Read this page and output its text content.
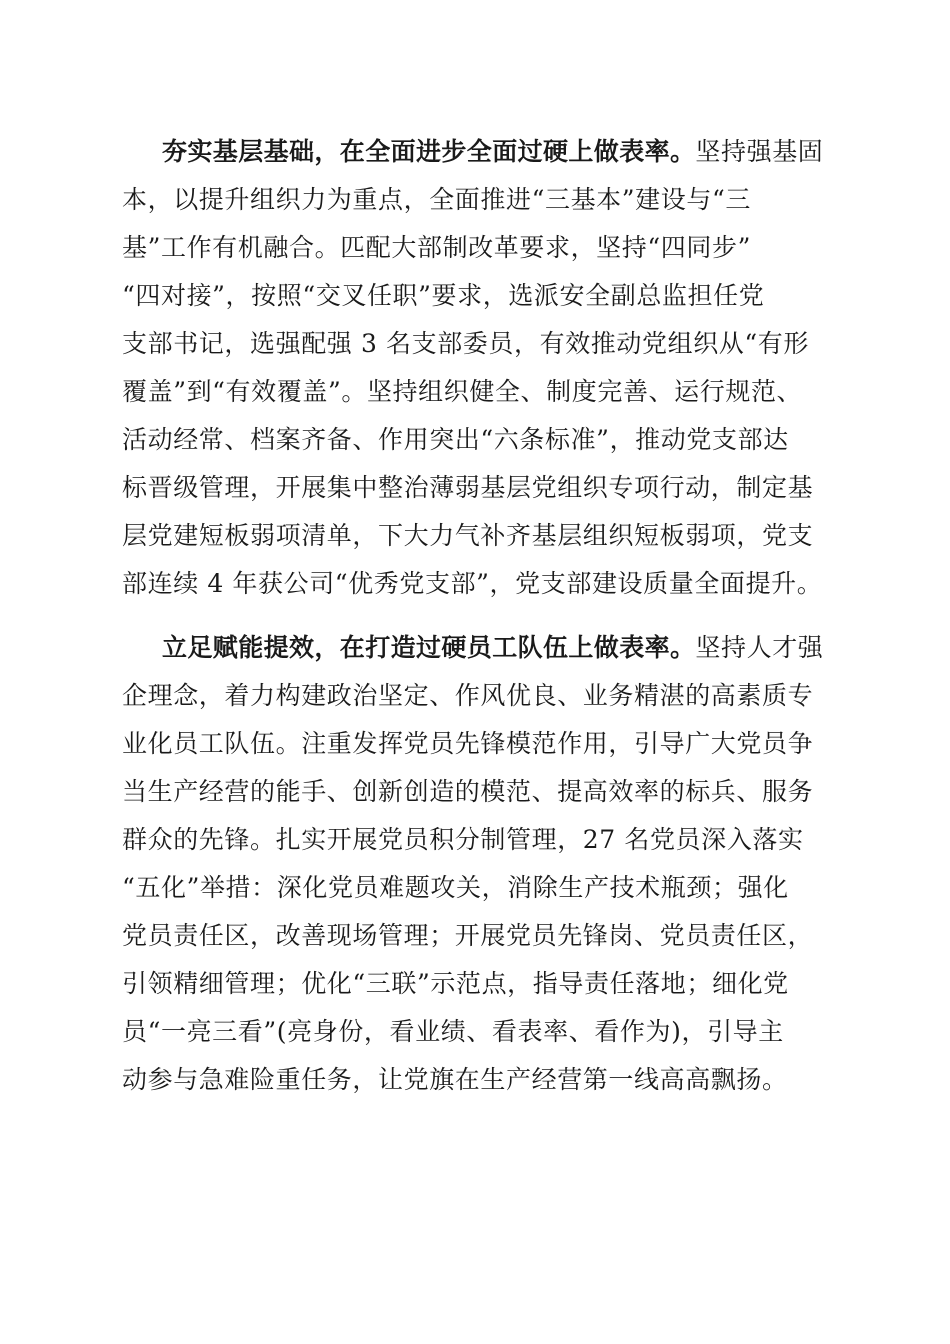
夯实基层基础，在全面进步全面过硬上做表率。坚持强基固
本，以提升组织力为重点，全面推进“三基本”建设与“三
基”工作有机融合。匹配大部制改革要求，坚持“四同步”
“四对接”，按照“交叉任职”要求，选派安全副总监担任党
支部书记，选强配强 3 名支部委员，有效推动党组织从“有形
覆盖”到“有效覆盖”。坚持组织健全、制度完善、运行规范、
活动经常、档案齐备、作用突出“六条标准”，推动党支部达
标晋级管理，开展集中整治薄弱基层党组织专项行动，制定基
层党建短板弱项清单，下大力气补齐基层组织短板弱项，党支
部连续 4 年获公司“优秀党支部”，党支部建设质量全面提升。
立足赋能提效，在打造过硬员工队伍上做表率。坚持人才强
企理念，着力构建政治坚定、作风优良、业务精湛的高素质专
业化员工队伍。注重发挥党员先锋模范作用，引导广大党员争
当生产经营的能手、创新创造的模范、提高效率的标兵、服务
群众的先锋。扎实开展党员积分制管理，27 名党员深入落实
“五化”举措：深化党员难题攻关，消除生产技术瓶颈；强化
党员责任区，改善现场管理；开展党员先锋岗、党员责任区，
引领精细管理；优化“三联”示范点，指导责任落地；细化党
员“一亮三看”(亮身份，看业绩、看表率、看作为)，引导主
动参与急难险重任务，让党旗在生产经营第一线高高飘扬。
